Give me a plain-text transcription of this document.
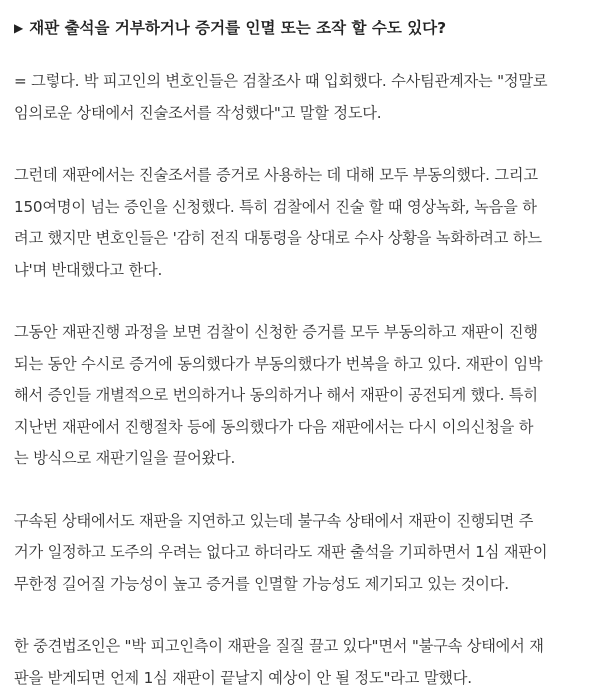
▶ 재판 출석을 거부하거나 증거를 인멸 또는 조작 할 수도 있다?
= 그렇다. 박 피고인의 변호인들은 검찰조사 때 입회했다. 수사팀관계자는 "정말로
임의로운 상태에서 진술조서를 작성했다"고 말할 정도다.
그런데 재판에서는 진술조서를 증거로 사용하는 데 대해 모두 부동의했다. 그리고
150여명이 넘는 증인을 신청했다. 특히 검찰에서 진술 할 때 영상녹화, 녹음을 하
려고 했지만 변호인들은 '감히 전직 대통령을 상대로 수사 상황을 녹화하려고 하느
냐'며 반대했다고 한다.
그동안 재판진행 과정을 보면 검찰이 신청한 증거를 모두 부동의하고 재판이 진행
되는 동안 수시로 증거에 동의했다가 부동의했다가 번복을 하고 있다. 재판이 임박
해서 증인들 개별적으로 번의하거나 동의하거나 해서 재판이 공전되게 했다. 특히
지난번 재판에서 진행절차 등에 동의했다가 다음 재판에서는 다시 이의신청을 하
는 방식으로 재판기일을 끌어왔다.
구속된 상태에서도 재판을 지연하고 있는데 불구속 상태에서 재판이 진행되면 주
거가 일정하고 도주의 우려는 없다고 하더라도 재판 출석을 기피하면서 1심 재판이
무한정 길어질 가능성이 높고 증거를 인멸할 가능성도 제기되고 있는 것이다.
한 중견법조인은 "박 피고인측이 재판을 질질 끌고 있다"면서 "불구속 상태에서 재
판을 받게되면 언제 1심 재판이 끝날지 예상이 안 될 정도"라고 말했다.
